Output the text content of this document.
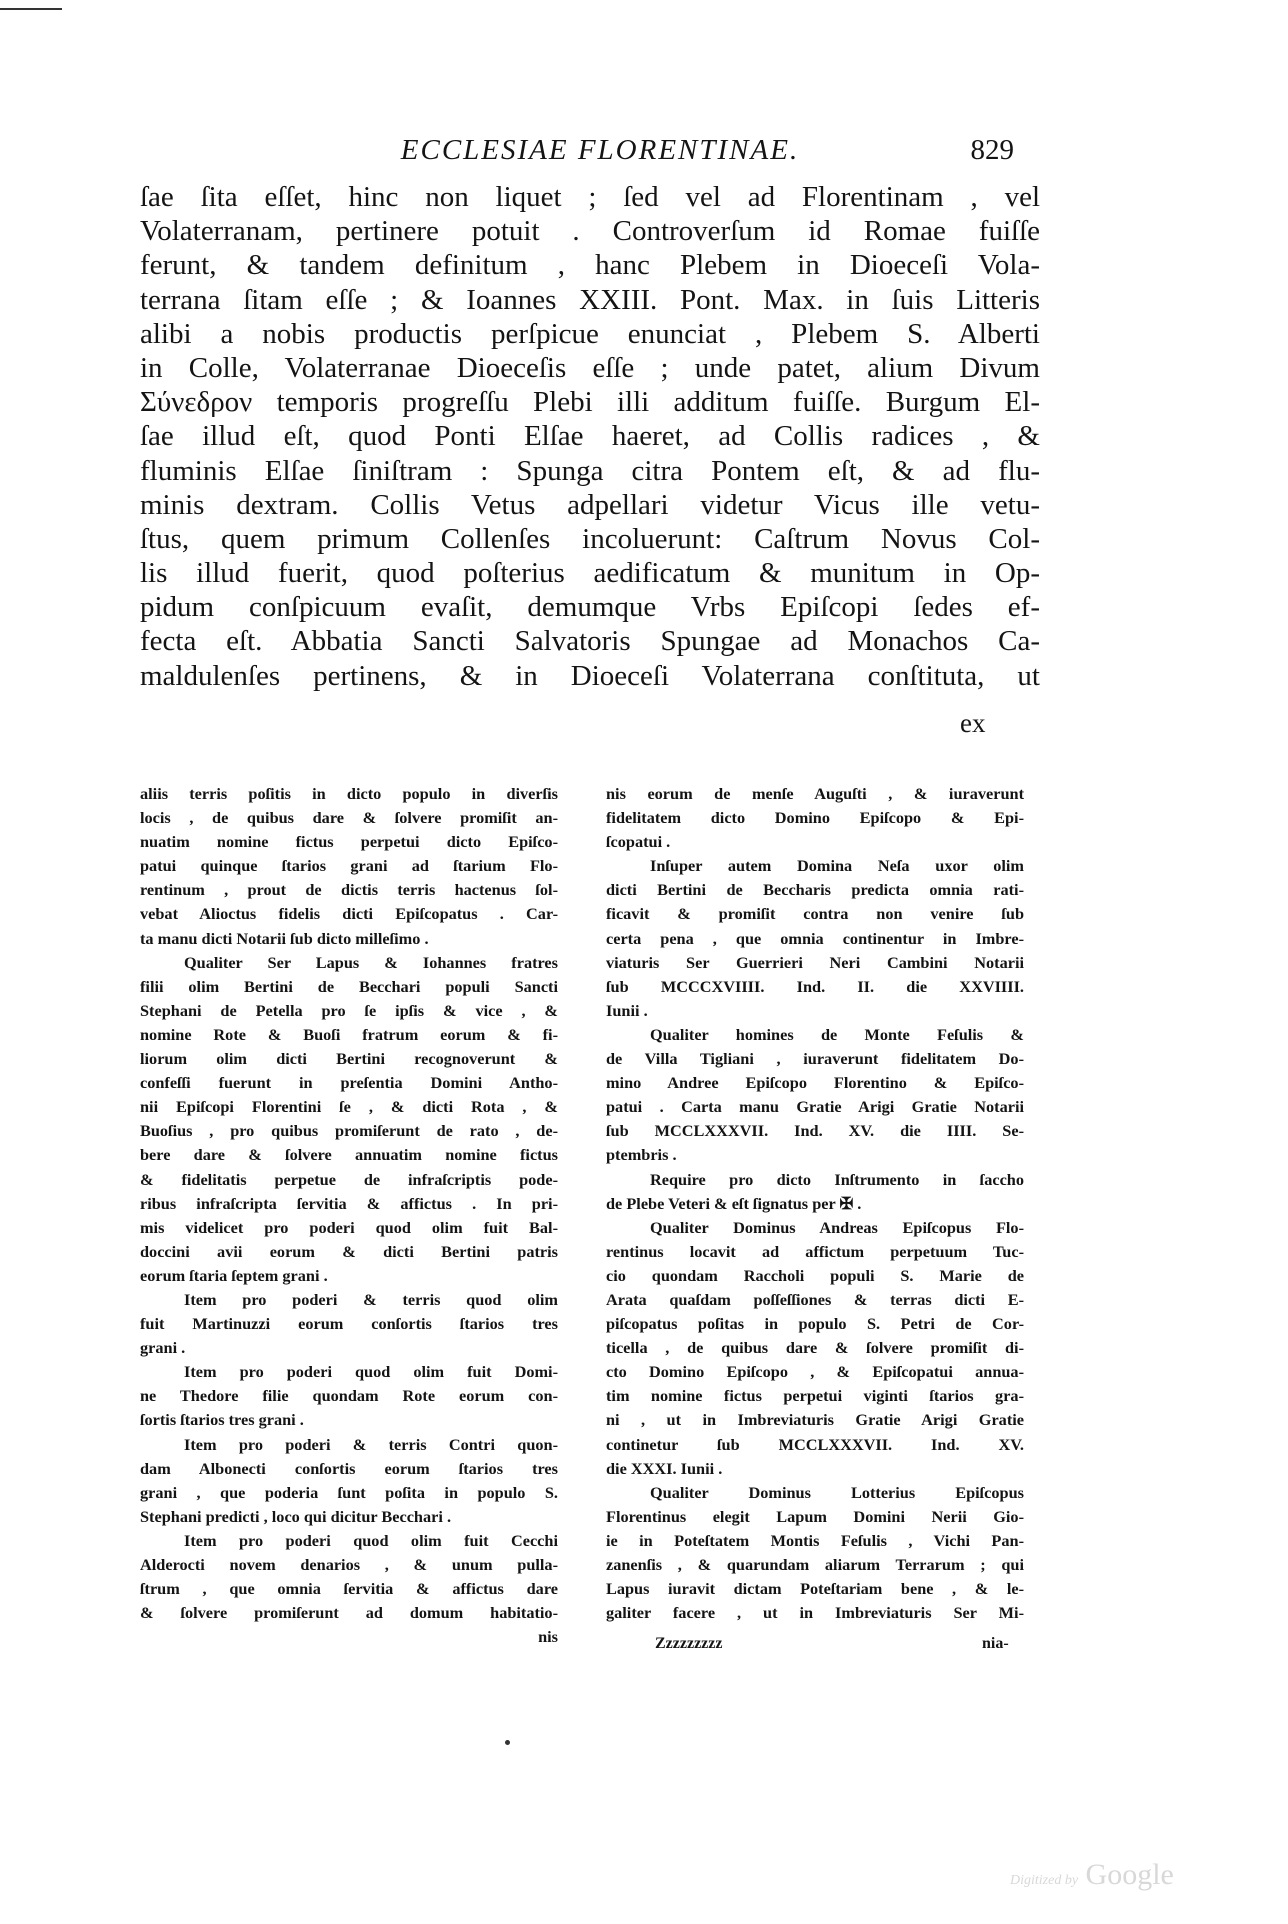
ECCLESIAE FLORENTINAE.	829
ſae ſita eſſet, hinc non liquet ; ſed vel ad Florentinam , vel
Volaterranam, pertinere potuit . Controverſum id Romae fuiſſe
ferunt, & tandem definitum , hanc Plebem in Dioeceſi Vola-
terrana ſitam eſſe ; & Ioannes XXIII. Pont. Max. in ſuis Litteris
alibi a nobis productis perſpicue enunciat , Plebem S. Alberti
in Colle, Volaterranae Dioeceſis eſſe ; unde patet, alium Divum
Σύνεδρον temporis progreſſu Plebi illi additum fuiſſe. Burgum El-
ſae illud eſt, quod Ponti Elſae haeret, ad Collis radices , &
fluminis Elſae ſiniſtram : Spunga citra Pontem eſt, & ad flu-
minis dextram. Collis Vetus adpellari videtur Vicus ille vetu-
ſtus, quem primum Collenſes incoluerunt: Caſtrum Novus Col-
lis illud fuerit, quod poſterius aedificatum & munitum in Op-
pidum conſpicuum evaſit, demumque Vrbs Epiſcopi ſedes ef-
fecta eſt. Abbatia Sancti Salvatoris Spungae ad Monachos Ca-
maldulenſes pertinens, & in Dioeceſi Volaterrana conſtituta, ut
ex
aliis terris poſitis in dicto populo in diverſis
locis , de quibus dare & ſolvere promiſit an-
nuatim nomine fictus perpetui dicto Epiſco-
patui quinque ſtarios grani ad ſtarium Flo-
rentinum , prout de dictis terris hactenus ſol-
vebat Alioctus fidelis dicti Epiſcopatus . Car-
ta manu dicti Notarii ſub dicto milleſimo .
Qualiter Ser Lapus & Iohannes fratres
filii olim Bertini de Becchari populi Sancti
Stephani de Petella pro ſe ipſis & vice , &
nomine Rote & Buoſi fratrum eorum & fi-
liorum olim dicti Bertini recognoverunt &
confeſſi fuerunt in preſentia Domini Antho-
nii Epiſcopi Florentini ſe , & dicti Rota , &
Buoſius , pro quibus promiſerunt de rato , de-
bere dare & ſolvere annuatim nomine fictus
& fidelitatis perpetue de infraſcriptis pode-
ribus infraſcripta ſervitia & affictus . In pri-
mis videlicet pro poderi quod olim fuit Bal-
doccini avii eorum & dicti Bertini patris
eorum ſtaria ſeptem grani .
Item pro poderi & terris quod olim
fuit Martinuzzi eorum conſortis ſtarios tres
grani .
Item pro poderi quod olim fuit Domi-
ne Thedore filie quondam Rote eorum con-
ſortis ſtarios tres grani .
Item pro poderi & terris Contri quon-
dam Albonecti conſortis eorum ſtarios tres
grani , que poderia ſunt poſita in populo S.
Stephani predicti , loco qui dicitur Becchari .
Item pro poderi quod olim fuit Cecchi
Alderocti novem denarios , & unum pulla-
ſtrum , que omnia ſervitia & affictus dare
& ſolvere promiſerunt ad domum habitatio-
nis
nis eorum de menſe Auguſti , & iuraverunt
fidelitatem dicto Domino Epiſcopo & Epi-
ſcopatui .
Inſuper autem Domina Neſa uxor olim
dicti Bertini de Beccharis predicta omnia rati-
ficavit & promiſit contra non venire ſub
certa pena , que omnia continentur in Imbre-
viaturis Ser Guerrieri Neri Cambini Notarii
ſub MCCCXVIIII. Ind. II. die XXVIIII.
Iunii .
Qualiter homines de Monte Feſulis &
de Villa Tigliani , iuraverunt fidelitatem Do-
mino Andree Epiſcopo Florentino & Epiſco-
patui . Carta manu Gratie Arigi Gratie Notarii
ſub MCCLXXXVII. Ind. XV. die IIII. Se-
ptembris .
Require pro dicto Inſtrumento in ſaccho
de Plebe Veteri & eſt ſignatus per ✠ .
Qualiter Dominus Andreas Epiſcopus Flo-
rentinus locavit ad affictum perpetuum Tuc-
cio quondam Raccholi populi S. Marie de
Arata quaſdam poſſeſſiones & terras dicti E-
piſcopatus poſitas in populo S. Petri de Cor-
ticella , de quibus dare & ſolvere promiſit di-
cto Domino Epiſcopo , & Epiſcopatui annua-
tim nomine fictus perpetui viginti ſtarios gra-
ni , ut in Imbreviaturis Gratie Arigi Gratie
continetur ſub MCCLXXXVII. Ind. XV.
die XXXI. Iunii .
Qualiter Dominus Lotterius Epiſcopus
Florentinus elegit Lapum Domini Nerii Gio-
ie in Poteſtatem Montis Feſulis , Vichi Pan-
zanenſis , & quarundam aliarum Terrarum ; qui
Lapus iuravit dictam Poteſtariam bene , & le-
galiter facere , ut in Imbreviaturis Ser Mi-
Zzzzzzzzz	nia-
Digitized by Google
